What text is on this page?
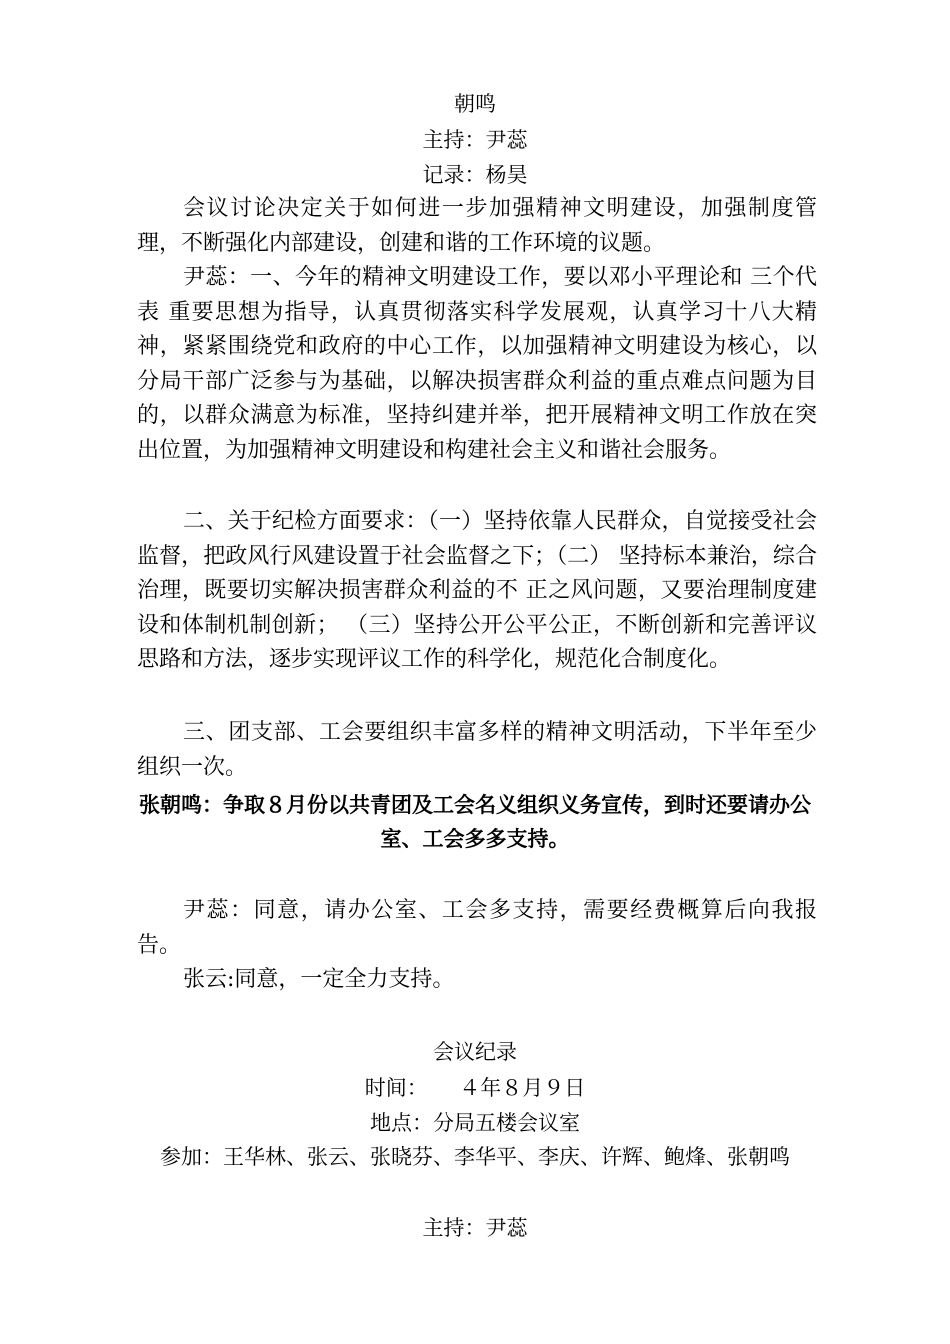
朝鸣
主持：尹蕊
记录：杨昊
会议讨论决定关于如何进一步加强精神文明建设，加强制度管理，不断强化内部建设，创建和谐的工作环境的议题。
尹蕊：一、今年的精神文明建设工作，要以邓小平理论和 三个代表 重要思想为指导，认真贯彻落实科学发展观，认真学习十八大精神，紧紧围绕党和政府的中心工作，以加强精神文明建设为核心，以分局干部广泛参与为基础，以解决损害群众利益的重点难点问题为目的，以群众满意为标准，坚持纠建并举，把开展精神文明工作放在突出位置，为加强精神文明建设和构建社会主义和谐社会服务。
二、关于纪检方面要求：（一）坚持依靠人民群众，自觉接受社会监督，把政风行风建设置于社会监督之下；（二） 坚持标本兼治，综合治理，既要切实解决损害群众利益的不 正之风问题，又要治理制度建设和体制机制创新； （三）坚持公开公平公正，不断创新和完善评议思路和方法，逐步实现评议工作的科学化，规范化合制度化。
三、团支部、工会要组织丰富多样的精神文明活动，下半年至少组织一次。
张朝鸣：争取８月份以共青团及工会名义组织义务宣传，到时还要请办公室、工会多多支持。
尹蕊：同意，请办公室、工会多支持，需要经费概算后向我报告。
张云:同意，一定全力支持。
会议纪录
时间：　　４年８月９日
地点：分局五楼会议室
参加：王华林、张云、张晓芬、李华平、李庆、许辉、鲍烽、张朝鸣
主持：尹蕊
